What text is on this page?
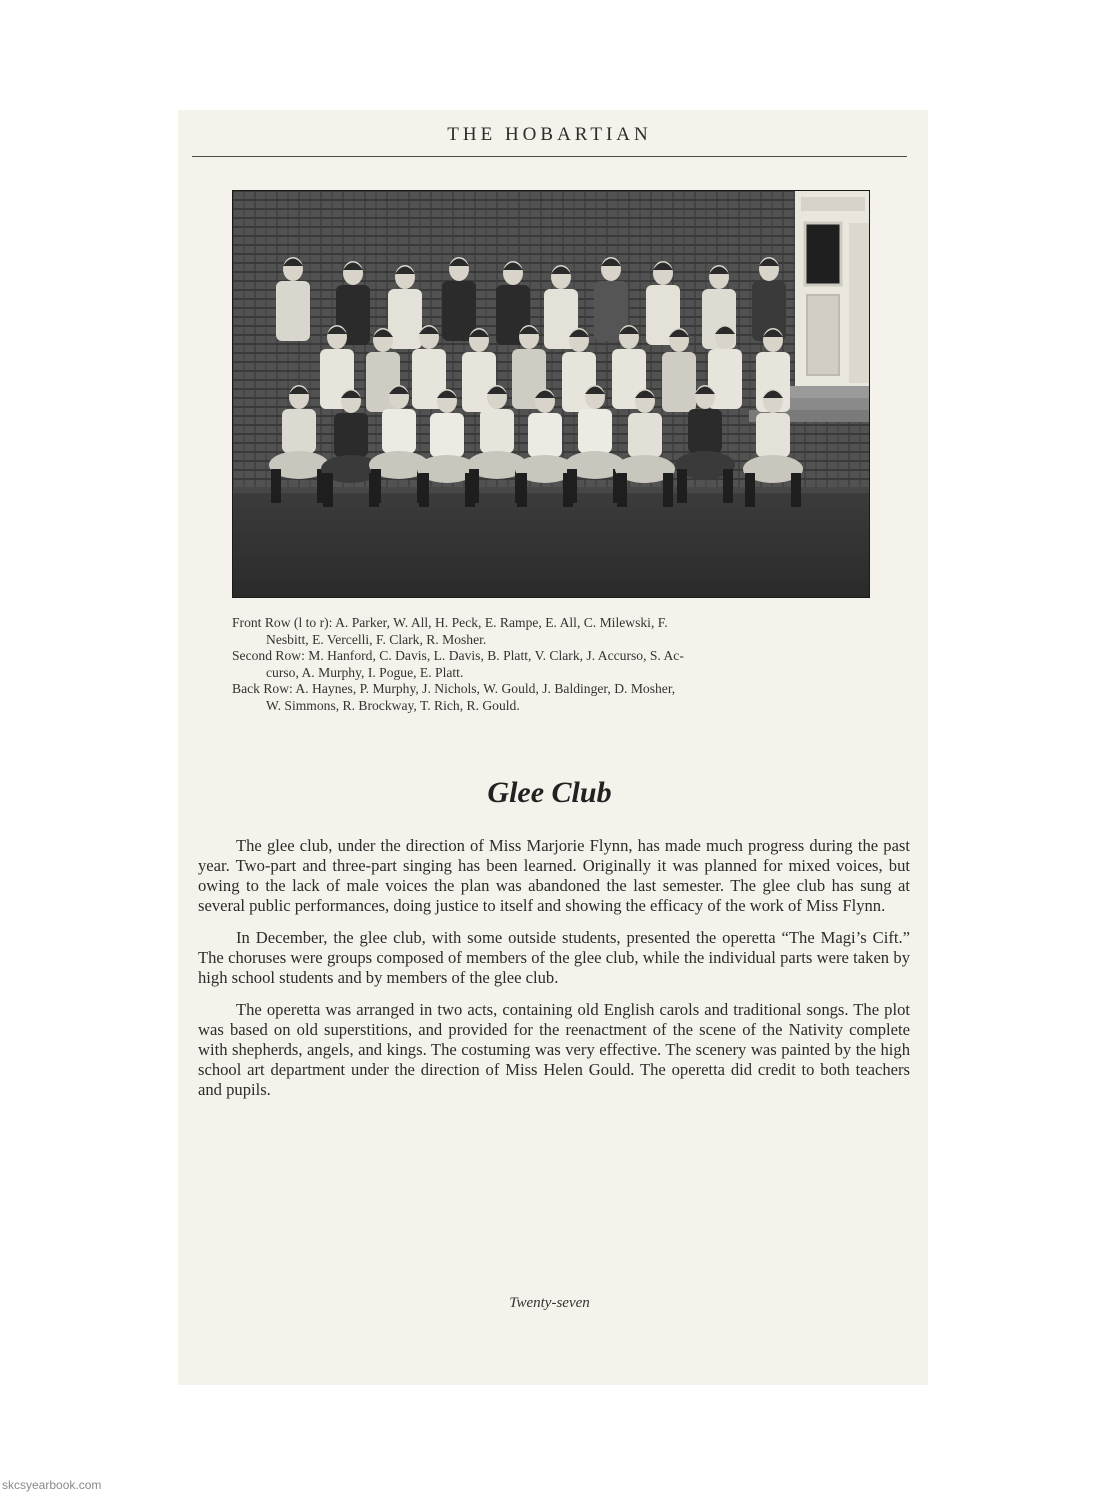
THE HOBARTIAN

Front Row (l to r): A. Parker, W. All, H. Peck, E. Rampe, E. All, C. Milewski, F.

Nesbitt, E. Vercelli, F. Clark, R. Mosher.

Second Row: M. Hanford, C. Davis, L. Davis, B. Platt, V. Clark, J. Accurso, S. Ac-

curso, A. Murphy, I. Pogue, E. Platt.

Back Row: A. Haynes, P. Murphy, J. Nichols, W. Gould, J. Baldinger, D. Mosher,

W. Simmons, R. Brockway, T. Rich, R. Gould.

Glee Club

The glee club, under the direction of Miss Marjorie Flynn, has made much progress during the past year. Two-part and three-part singing has been learned. Originally it was planned for mixed voices, but owing to the lack of male voices the plan was abandoned the last semester. The glee club has sung at several public performances, doing justice to itself and showing the efficacy of the work of Miss Flynn.

In December, the glee club, with some outside students, presented the operetta “The Magi’s Cift.” The choruses were groups composed of members of the glee club, while the individual parts were taken by high school students and by members of the glee club.

The operetta was arranged in two acts, containing old English carols and traditional songs. The plot was based on old superstitions, and provided for the reenactment of the scene of the Nativity complete with shepherds, angels, and kings. The costuming was very effective. The scenery was painted by the high school art department under the direction of Miss Helen Gould. The operetta did credit to both teachers and pupils.

Twenty-seven
skcsyearbook.com
